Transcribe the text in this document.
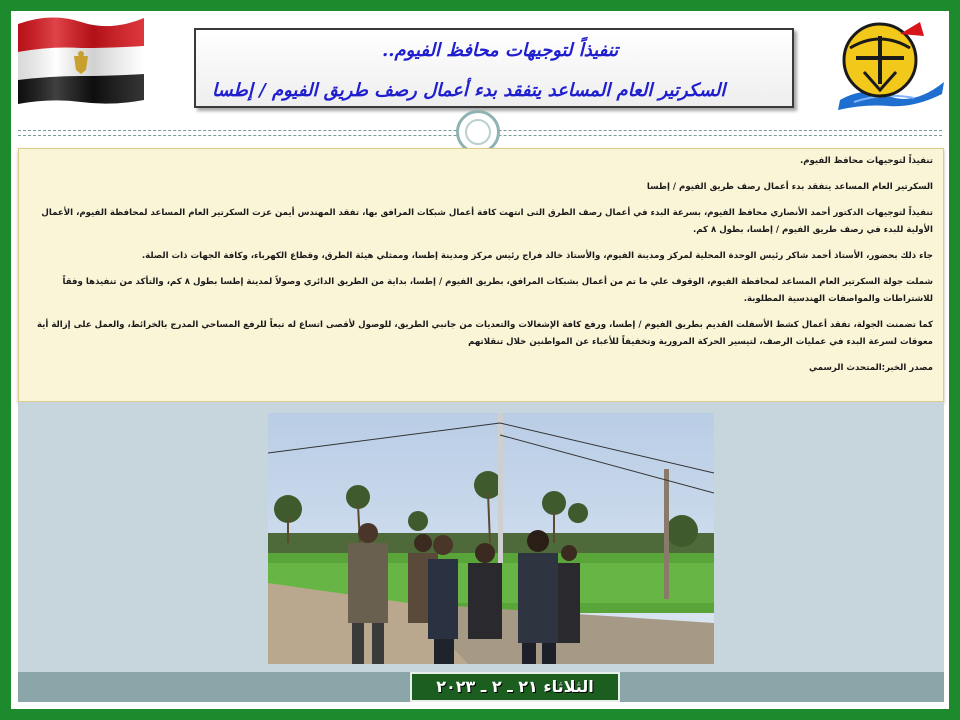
تنفيذاً لتوجيهات محافظ الفيوم..
السكرتير العام المساعد يتفقد بدء أعمال رصف طريق الفيوم / إطسا

تنفيذاً لتوجيهات محافظ الفيوم.

السكرتير العام المساعد يتفقد بدء أعمال رصف طريق الفيوم / إطسا

تنفيذاً لتوجيهات الدكتور أحمد الأنصاري محافظ الفيوم، بسرعة البدء في أعمال رصف الطرق التى انتهت كافة أعمال شبكات المرافق بها، تفقد المهندس أيمن عزت السكرتير العام المساعد لمحافظة الفيوم، الأعمال الأولية للبدء في رصف طريق الفيوم / إطسا، بطول ٨ كم.

جاء ذلك بحضور، الأستاذ أحمد شاكر رئيس الوحدة المحلية لمركز ومدينة الفيوم، والأستاذ خالد فراج رئيس مركز ومدينة إطسا، وممثلي هيئة الطرق، وقطاع الكهرباء، وكافة الجهات ذات الصلة.

شملت جولة السكرتير العام المساعد لمحافظة الفيوم، الوقوف علي ما تم من أعمال بشبكات المرافق، بطريق الفيوم / إطسا، بداية من الطريق الدائري وصولاً لمدينة إطسا بطول ٨ كم، والتأكد من تنفيذها وفقاً للاشتراطات والمواصفات الهندسية المطلوبة.

كما تضمنت الجولة، تفقد أعمال كشط الأسفلت القديم بطريق الفيوم / إطسا، ورفع كافة الإشغالات والتعديات من جانبي الطريق، للوصول لأقصى اتساع له تبعاً للرفع المساحي المدرج بالخرائط، والعمل على إزالة أية معوقات لسرعة البدء في عمليات الرصف، لتيسير الحركة المرورية وتخفيفاً للأعباء عن المواطنين خلال تنقلاتهم

مصدر الخبر:المتحدث الرسمي

الثلاثاء ٢١ ـ ٢ ـ ٢٠٢٣
